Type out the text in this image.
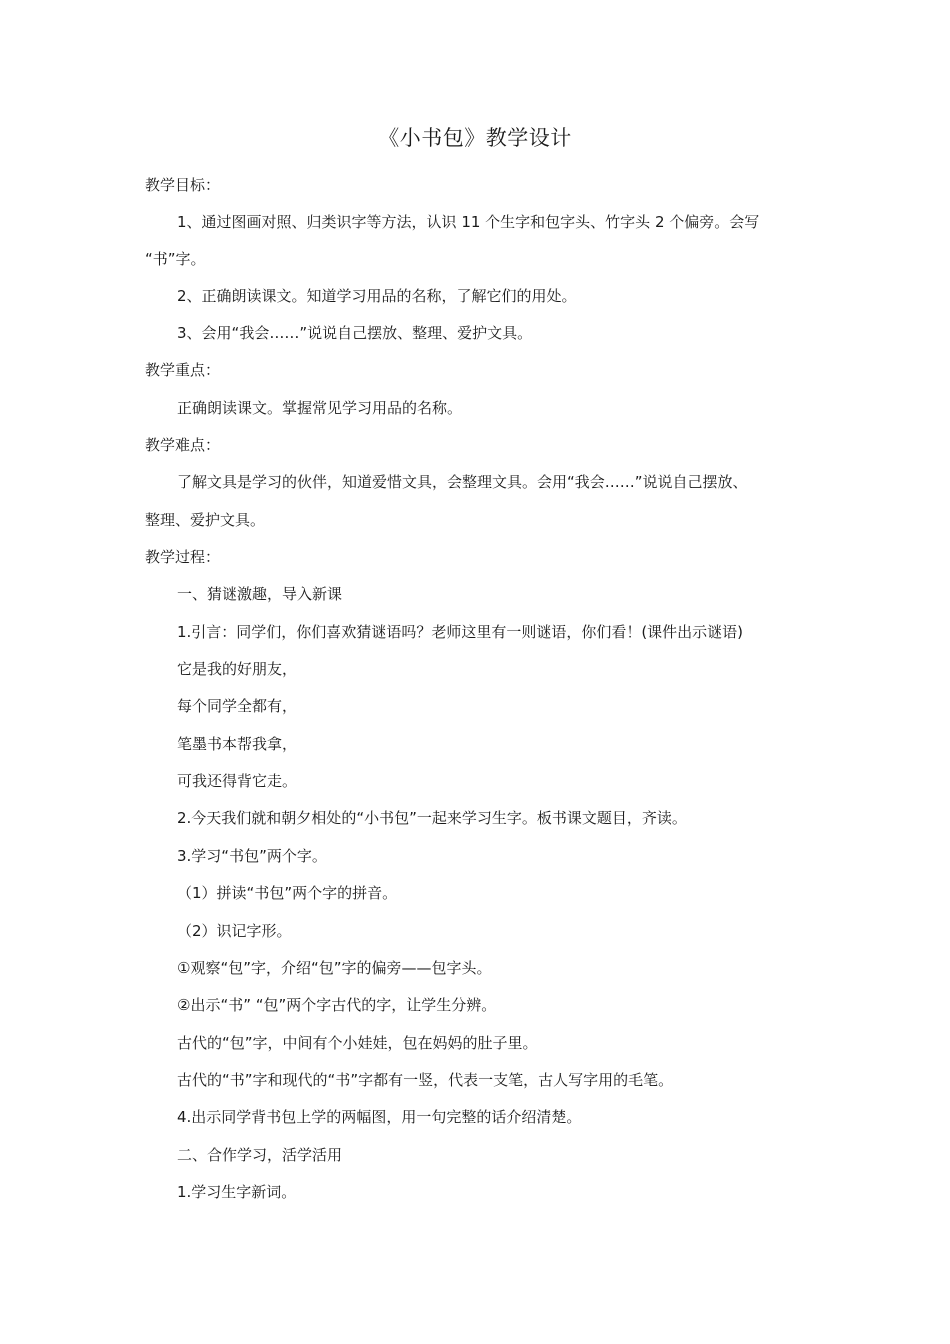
《小书包》教学设计
教学目标：
1、通过图画对照、归类识字等方法，认识 11 个生字和包字头、竹字头 2 个偏旁。会写
“书”字。
2、正确朗读课文。知道学习用品的名称，了解它们的用处。
3、会用“我会……”说说自己摆放、整理、爱护文具。
教学重点：
正确朗读课文。掌握常见学习用品的名称。
教学难点：
了解文具是学习的伙伴，知道爱惜文具，会整理文具。会用“我会……”说说自己摆放、
整理、爱护文具。
教学过程：
一、猜谜激趣，导入新课
1.引言：同学们，你们喜欢猜谜语吗？老师这里有一则谜语，你们看！(课件出示谜语)
它是我的好朋友，
每个同学全都有，
笔墨书本帮我拿，
可我还得背它走。
2.今天我们就和朝夕相处的“小书包”一起来学习生字。板书课文题目，齐读。
3.学习“书包”两个字。
（1）拼读“书包”两个字的拼音。
（2）识记字形。
①观察“包”字，介绍“包”字的偏旁——包字头。
②出示“书” “包”两个字古代的字，让学生分辨。
古代的“包”字，中间有个小娃娃，包在妈妈的肚子里。
古代的“书”字和现代的“书”字都有一竖，代表一支笔，古人写字用的毛笔。
4.出示同学背书包上学的两幅图，用一句完整的话介绍清楚。
二、合作学习，活学活用
1.学习生字新词。
